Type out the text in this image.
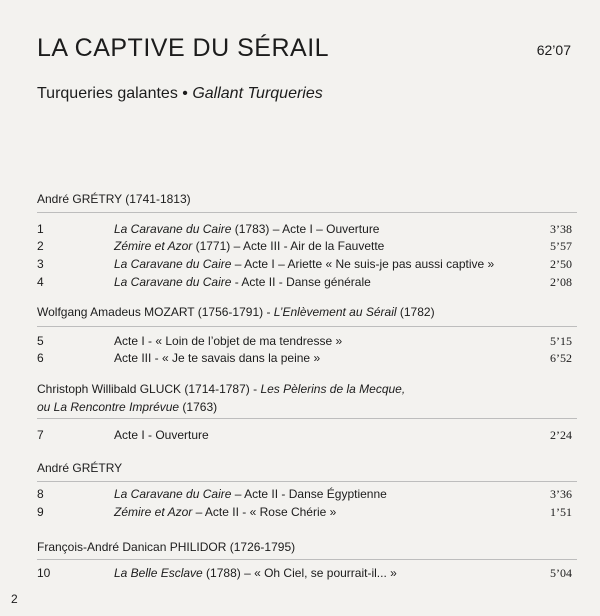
LA CAPTIVE DU SÉRAIL	62’07
Turqueries galantes • Gallant Turqueries
André GRÉTRY (1741-1813)
1	La Caravane du Caire (1783) – Acte I – Ouverture	3’38
2	Zémire et Azor (1771) – Acte III - Air de la Fauvette	5’57
3	La Caravane du Caire – Acte I – Ariette « Ne suis-je pas aussi captive »	2’50
4	La Caravane du Caire - Acte II - Danse générale	2’08
Wolfgang Amadeus MOZART (1756-1791) - L’Enlèvement au Sérail (1782)
5	Acte I - « Loin de l’objet de ma tendresse »	5’15
6	Acte III - « Je te savais dans la peine »	6’52
Christoph Willibald GLUCK (1714-1787) - Les Pèlerins de la Mecque,
ou La Rencontre Imprévue (1763)
7	Acte I - Ouverture	2’24
André GRÉTRY
8	La Caravane du Caire – Acte II - Danse Égyptienne	3’36
9	Zémire et Azor – Acte II - « Rose Chérie »	1’51
François-André Danican PHILIDOR (1726-1795)
10	La Belle Esclave (1788) – « Oh Ciel, se pourrait-il... »	5’04
2
